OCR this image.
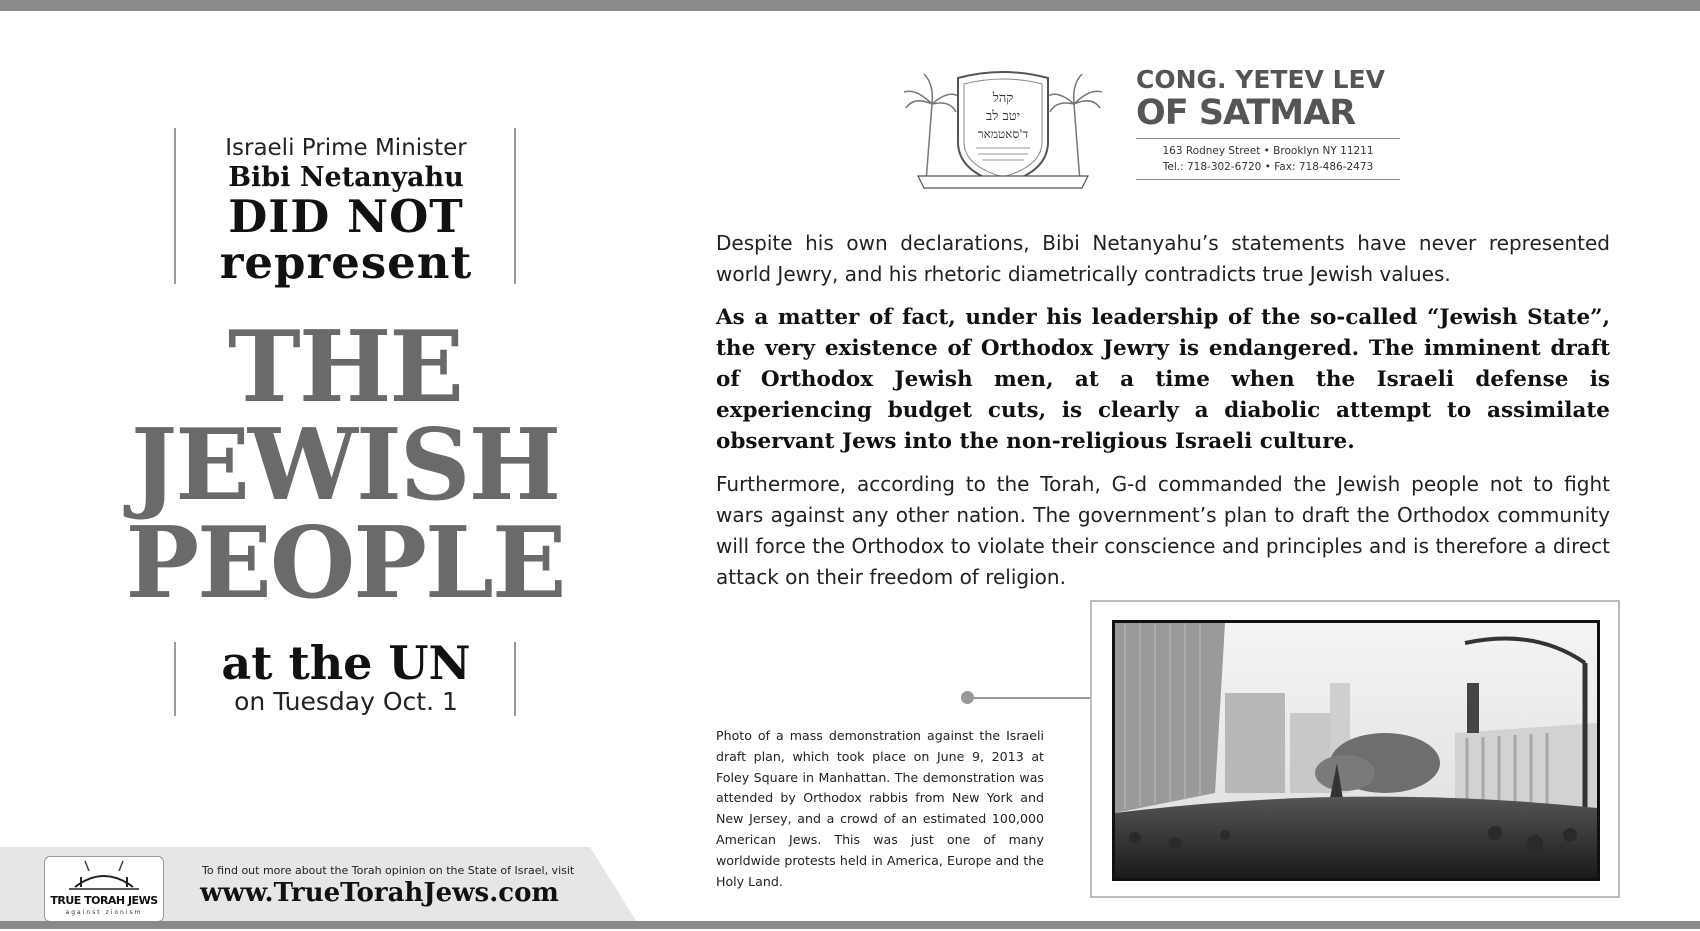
Israeli Prime Minister
Bibi Netanyahu
DID NOT
represent
THE
JEWISH
PEOPLE
at the UN
on Tuesday Oct. 1
קהל
יטב לב
ד'סאטמאר
CONG. YETEV LEV
OF SATMAR
163 Rodney Street • Brooklyn NY 11211
Tel.: 718-302-6720 • Fax: 718-486-2473
Despite his own declarations, Bibi Netanyahu’s statements have never represented world Jewry, and his rhetoric diametrically contradicts true Jewish values.
As a matter of fact, under his leadership of the so-called “Jewish State”, the very existence of Orthodox Jewry is endangered. The imminent draft of Orthodox Jewish men, at a time when the Israeli defense is experiencing budget cuts, is clearly a diabolic attempt to assimilate observant Jews into the non-religious Israeli culture.
Furthermore, according to the Torah, G-d commanded the Jewish people not to fight wars against any other nation. The government’s plan to draft the Orthodox community will force the Orthodox to violate their conscience and principles and is therefore a direct attack on their freedom of religion.
Photo of a mass demonstration against the Israeli draft plan, which took place on June 9, 2013 at Foley Square in Manhattan. The demonstration was attended by Orthodox rabbis from New York and New Jersey, and a crowd of an estimated 100,000 American Jews. This was just one of many worldwide protests held in America, Europe and the Holy Land.
TRUE TORAH JEWS
against zionism
To find out more about the Torah opinion on the State of Israel, visit
www.TrueTorahJews.com
